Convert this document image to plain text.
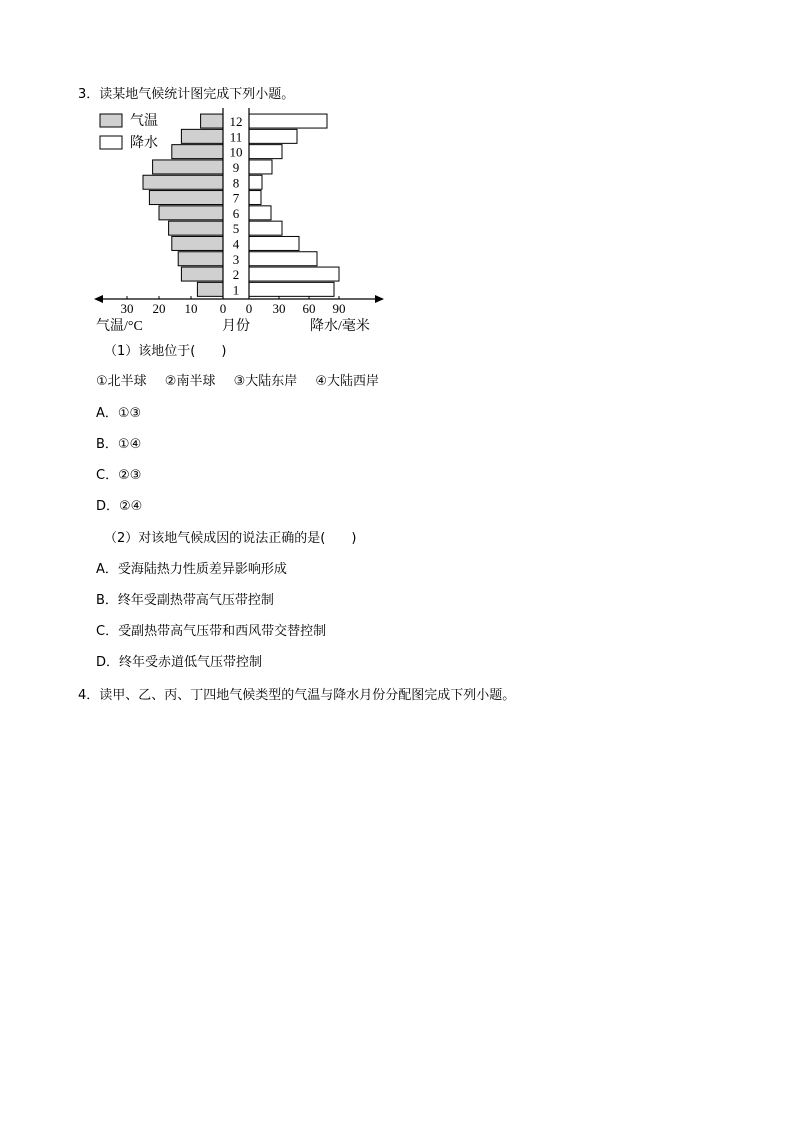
3．读某地气候统计图完成下列小题。
气温
降水
1
2
3
4
5
6
7
8
9
10
11
12
30 20 10 0 0 30 60 90
气温/°C	月份	降水/毫米
（1）该地位于(　　)
①北半球 ②南半球 ③大陆东岸 ④大陆西岸
A．①③
B．①④
C．②③
D．②④
（2）对该地气候成因的说法正确的是(　　)
A．受海陆热力性质差异影响形成
B．终年受副热带高气压带控制
C．受副热带高气压带和西风带交替控制
D．终年受赤道低气压带控制
4．读甲、乙、丙、丁四地气候类型的气温与降水月份分配图完成下列小题。
